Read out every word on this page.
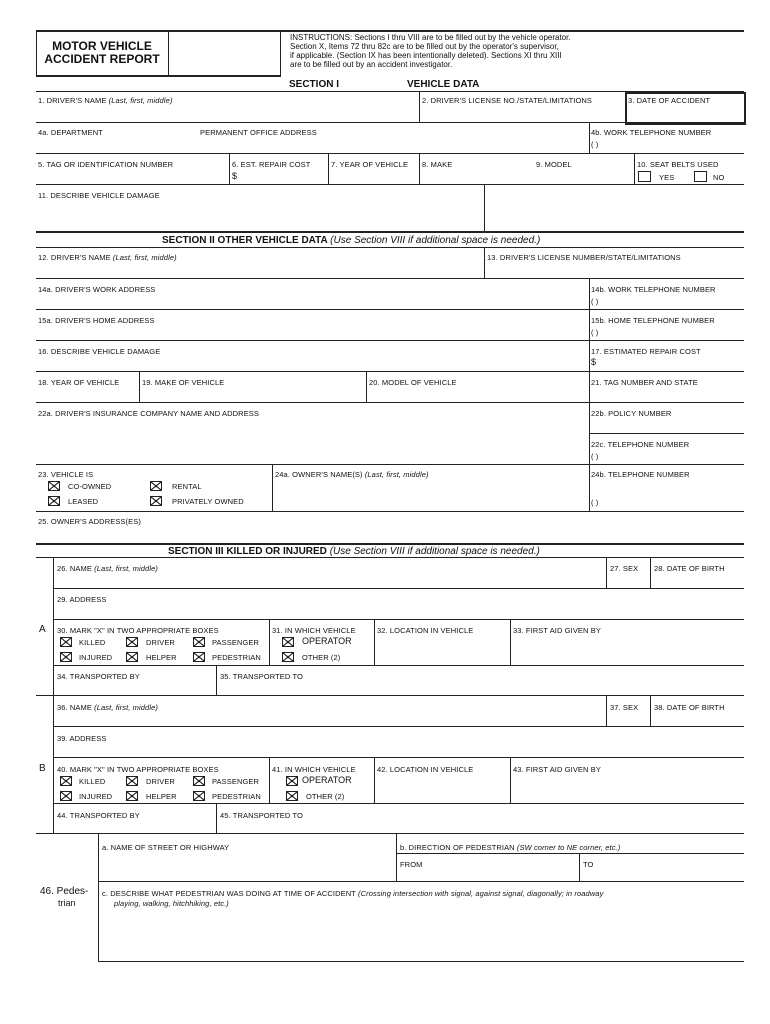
MOTOR VEHICLE
ACCIDENT REPORT
INSTRUCTIONS: Sections I thru VIII are to be filled out by the vehicle operator.
Section X, Items 72 thru 82c are to be filled out by the operator's supervisor,
if applicable. (Section IX has been intentionally deleted). Sections XI thru XIII
are to be filled out by an accident investigator.
SECTION I	VEHICLE DATA
1. DRIVER'S NAME (Last, first, middle)	2. DRIVER'S LICENSE NO./STATE/LIMITATIONS	3. DATE OF ACCIDENT
4a. DEPARTMENT	PERMANENT OFFICE ADDRESS	4b. WORK TELEPHONE NUMBER
( )
5. TAG OR IDENTIFICATION NUMBER	6. EST. REPAIR COST
$
7. YEAR OF VEHICLE 8. MAKE	9. MODEL	10. SEAT BELTS USED
YES	NO
11. DESCRIBE VEHICLE DAMAGE
SECTION II OTHER VEHICLE DATA (Use Section VIII if additional space is needed.)
12. DRIVER'S NAME (Last, first, middle)	13. DRIVER'S LICENSE NUMBER/STATE/LIMITATIONS
14a. DRIVER'S WORK ADDRESS	14b. WORK TELEPHONE NUMBER
( )
15a. DRIVER'S HOME ADDRESS	15b. HOME TELEPHONE NUMBER
( )
16. DESCRIBE VEHICLE DAMAGE	17. ESTIMATED REPAIR COST
$
18. YEAR OF VEHICLE	19. MAKE OF VEHICLE	20. MODEL OF VEHICLE	21. TAG NUMBER AND STATE
22a. DRIVER'S INSURANCE COMPANY NAME AND ADDRESS	22b. POLICY NUMBER
22c. TELEPHONE NUMBER
( )
23. VEHICLE IS
CO-OWNED	RENTAL
LEASED	PRIVATELY OWNED
24a. OWNER'S NAME(S) (Last, first, middle)	24b. TELEPHONE NUMBER
( )
25. OWNER'S ADDRESS(ES)
SECTION III KILLED OR INJURED (Use Section VIII if additional space is needed.)
26. NAME (Last, first, middle)	27. SEX 28. DATE OF BIRTH
29. ADDRESS
A 30. MARK "X" IN TWO APPROPRIATE BOXES
KILLED	DRIVER	PASSENGER
INJURED	HELPER	PEDESTRIAN
31. IN WHICH VEHICLE
OPERATOR
OTHER (2)
32. LOCATION IN VEHICLE	33. FIRST AID GIVEN BY
34. TRANSPORTED BY	35. TRANSPORTED TO
36. NAME (Last, first, middle)	37. SEX 38. DATE OF BIRTH
39. ADDRESS
B 40. MARK "X" IN TWO APPROPRIATE BOXES
KILLED	DRIVER	PASSENGER
INJURED	HELPER	PEDESTRIAN
41. IN WHICH VEHICLE
OPERATOR
OTHER (2)
42. LOCATION IN VEHICLE	43. FIRST AID GIVEN BY
44. TRANSPORTED BY	45. TRANSPORTED TO
46. Pedes-
trian
a. NAME OF STREET OR HIGHWAY	b. DIRECTION OF PEDESTRIAN (SW corner to NE corner, etc.)
FROM	TO
c. DESCRIBE WHAT PEDESTRIAN WAS DOING AT TIME OF ACCIDENT (Crossing intersection with signal, against signal, diagonally; in roadway
playing, walking, hitchhiking, etc.)
